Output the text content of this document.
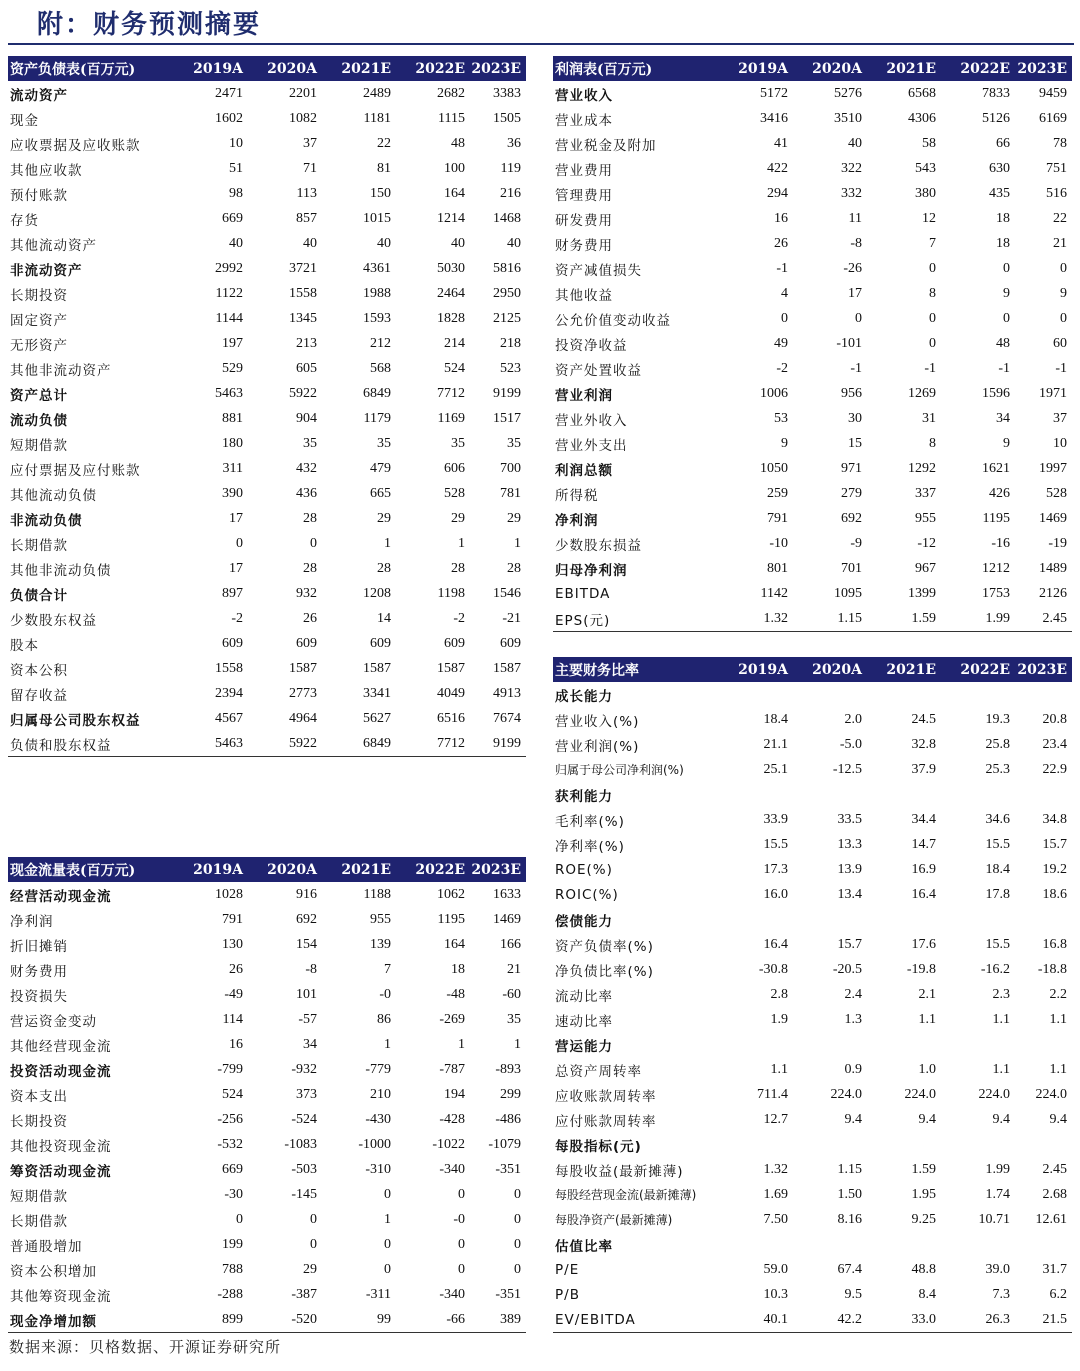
附：财务预测摘要
资产负债表(百万元)	2019A	2020A	2021E	2022E	2023E
流动资产	2471	2201	2489	2682	3383
现金	1602	1082	1181	1115	1505
应收票据及应收账款	10	37	22	48	36
其他应收款	51	71	81	100	119
预付账款	98	113	150	164	216
存货	669	857	1015	1214	1468
其他流动资产	40	40	40	40	40
非流动资产	2992	3721	4361	5030	5816
长期投资	1122	1558	1988	2464	2950
固定资产	1144	1345	1593	1828	2125
无形资产	197	213	212	214	218
其他非流动资产	529	605	568	524	523
资产总计	5463	5922	6849	7712	9199
流动负债	881	904	1179	1169	1517
短期借款	180	35	35	35	35
应付票据及应付账款	311	432	479	606	700
其他流动负债	390	436	665	528	781
非流动负债	17	28	29	29	29
长期借款	0	0	1	1	1
其他非流动负债	17	28	28	28	28
负债合计	897	932	1208	1198	1546
少数股东权益	-2	26	14	-2	-21
股本	609	609	609	609	609
资本公积	1558	1587	1587	1587	1587
留存收益	2394	2773	3341	4049	4913
归属母公司股东权益	4567	4964	5627	6516	7674
负债和股东权益	5463	5922	6849	7712	9199
利润表(百万元)	2019A	2020A	2021E	2022E	2023E
营业收入	5172	5276	6568	7833	9459
营业成本	3416	3510	4306	5126	6169
营业税金及附加	41	40	58	66	78
营业费用	422	322	543	630	751
管理费用	294	332	380	435	516
研发费用	16	11	12	18	22
财务费用	26	-8	7	18	21
资产减值损失	-1	-26	0	0	0
其他收益	4	17	8	9	9
公允价值变动收益	0	0	0	0	0
投资净收益	49	-101	0	48	60
资产处置收益	-2	-1	-1	-1	-1
营业利润	1006	956	1269	1596	1971
营业外收入	53	30	31	34	37
营业外支出	9	15	8	9	10
利润总额	1050	971	1292	1621	1997
所得税	259	279	337	426	528
净利润	791	692	955	1195	1469
少数股东损益	-10	-9	-12	-16	-19
归母净利润	801	701	967	1212	1489
EBITDA	1142	1095	1399	1753	2126
EPS(元)	1.32	1.15	1.59	1.99	2.45
现金流量表(百万元)	2019A	2020A	2021E	2022E	2023E
经营活动现金流	1028	916	1188	1062	1633
净利润	791	692	955	1195	1469
折旧摊销	130	154	139	164	166
财务费用	26	-8	7	18	21
投资损失	-49	101	-0	-48	-60
营运资金变动	114	-57	86	-269	35
其他经营现金流	16	34	1	1	1
投资活动现金流	-799	-932	-779	-787	-893
资本支出	524	373	210	194	299
长期投资	-256	-524	-430	-428	-486
其他投资现金流	-532	-1083	-1000	-1022	-1079
筹资活动现金流	669	-503	-310	-340	-351
短期借款	-30	-145	0	0	0
长期借款	0	0	1	-0	0
普通股增加	199	0	0	0	0
资本公积增加	788	29	0	0	0
其他筹资现金流	-288	-387	-311	-340	-351
现金净增加额	899	-520	99	-66	389
主要财务比率	2019A	2020A	2021E	2022E	2023E
成长能力					
营业收入(%)	18.4	2.0	24.5	19.3	20.8
营业利润(%)	21.1	-5.0	32.8	25.8	23.4
归属于母公司净利润(%)	25.1	-12.5	37.9	25.3	22.9
获利能力					
毛利率(%)	33.9	33.5	34.4	34.6	34.8
净利率(%)	15.5	13.3	14.7	15.5	15.7
ROE(%)	17.3	13.9	16.9	18.4	19.2
ROIC(%)	16.0	13.4	16.4	17.8	18.6
偿债能力					
资产负债率(%)	16.4	15.7	17.6	15.5	16.8
净负债比率(%)	-30.8	-20.5	-19.8	-16.2	-18.8
流动比率	2.8	2.4	2.1	2.3	2.2
速动比率	1.9	1.3	1.1	1.1	1.1
营运能力					
总资产周转率	1.1	0.9	1.0	1.1	1.1
应收账款周转率	711.4	224.0	224.0	224.0	224.0
应付账款周转率	12.7	9.4	9.4	9.4	9.4
每股指标(元)					
每股收益(最新摊薄)	1.32	1.15	1.59	1.99	2.45
每股经营现金流(最新摊薄)	1.69	1.50	1.95	1.74	2.68
每股净资产(最新摊薄)	7.50	8.16	9.25	10.71	12.61
估值比率					
P/E	59.0	67.4	48.8	39.0	31.7
P/B	10.3	9.5	8.4	7.3	6.2
EV/EBITDA	40.1	42.2	33.0	26.3	21.5
数据来源：贝格数据、开源证券研究所
